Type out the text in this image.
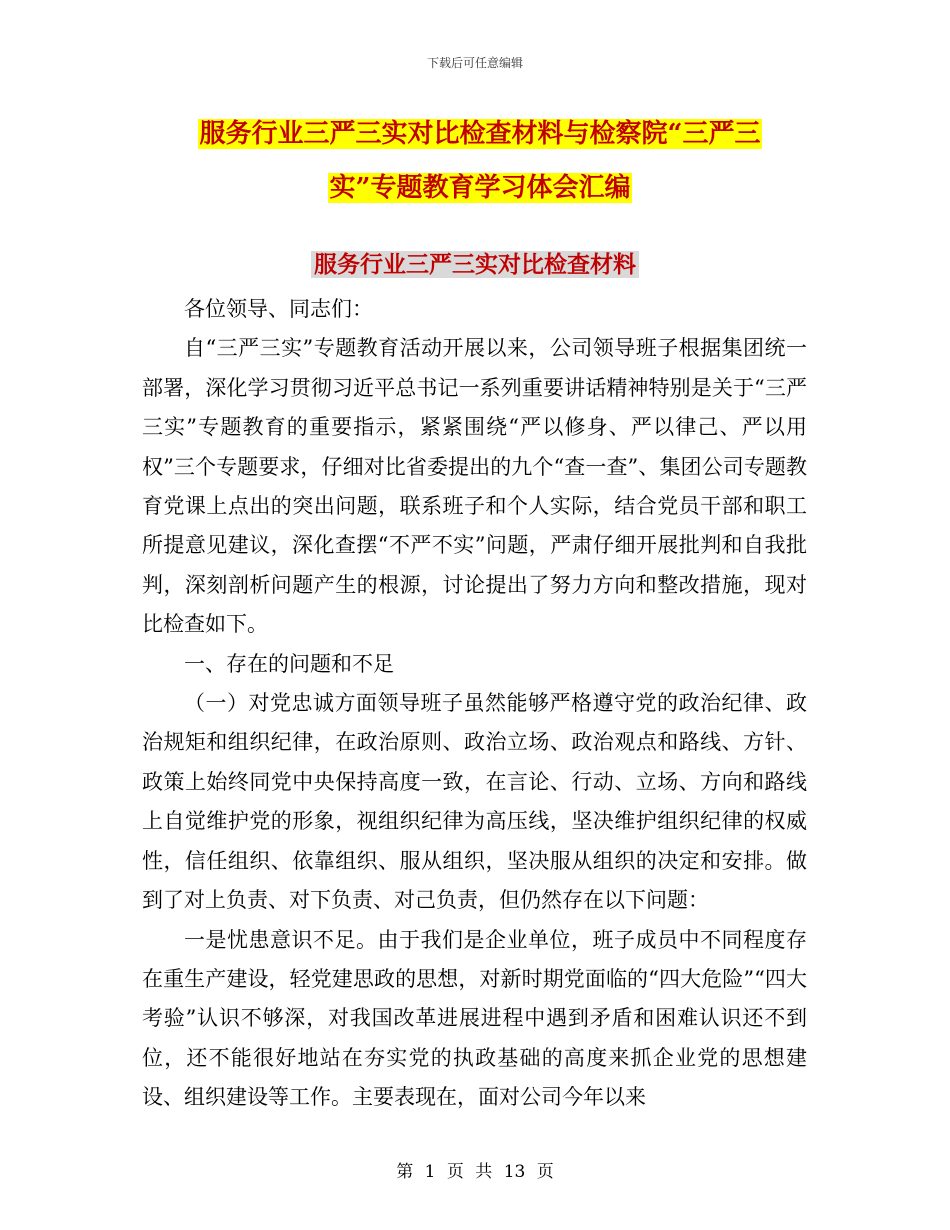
下载后可任意编辑
服务行业三严三实对比检查材料与检察院“三严三
实”专题教育学习体会汇编
服务行业三严三实对比检查材料

各位领导、同志们：

自“三严三实”专题教育活动开展以来，公司领导班子根据集团统一部署，深化学习贯彻习近平总书记一系列重要讲话精神特别是关于“三严三实”专题教育的重要指示，紧紧围绕“严以修身、严以律己、严以用权”三个专题要求，仔细对比省委提出的九个“查一查”、集团公司专题教育党课上点出的突出问题，联系班子和个人实际，结合党员干部和职工所提意见建议，深化查摆“不严不实”问题，严肃仔细开展批判和自我批判，深刻剖析问题产生的根源，讨论提出了努力方向和整改措施，现对比检查如下。

一、存在的问题和不足

（一）对党忠诚方面领导班子虽然能够严格遵守党的政治纪律、政治规矩和组织纪律，在政治原则、政治立场、政治观点和路线、方针、政策上始终同党中央保持高度一致，在言论、行动、立场、方向和路线上自觉维护党的形象，视组织纪律为高压线，坚决维护组织纪律的权威性，信任组织、依靠组织、服从组织，坚决服从组织的决定和安排。做到了对上负责、对下负责、对己负责，但仍然存在以下问题：

一是忧患意识不足。由于我们是企业单位，班子成员中不同程度存在重生产建设，轻党建思政的思想，对新时期党面临的“四大危险”“四大考验”认识不够深，对我国改革进展进程中遇到矛盾和困难认识还不到位，还不能很好地站在夯实党的执政基础的高度来抓企业党的思想建设、组织建设等工作。主要表现在，面对公司今年以来

第 1 页 共 13 页
